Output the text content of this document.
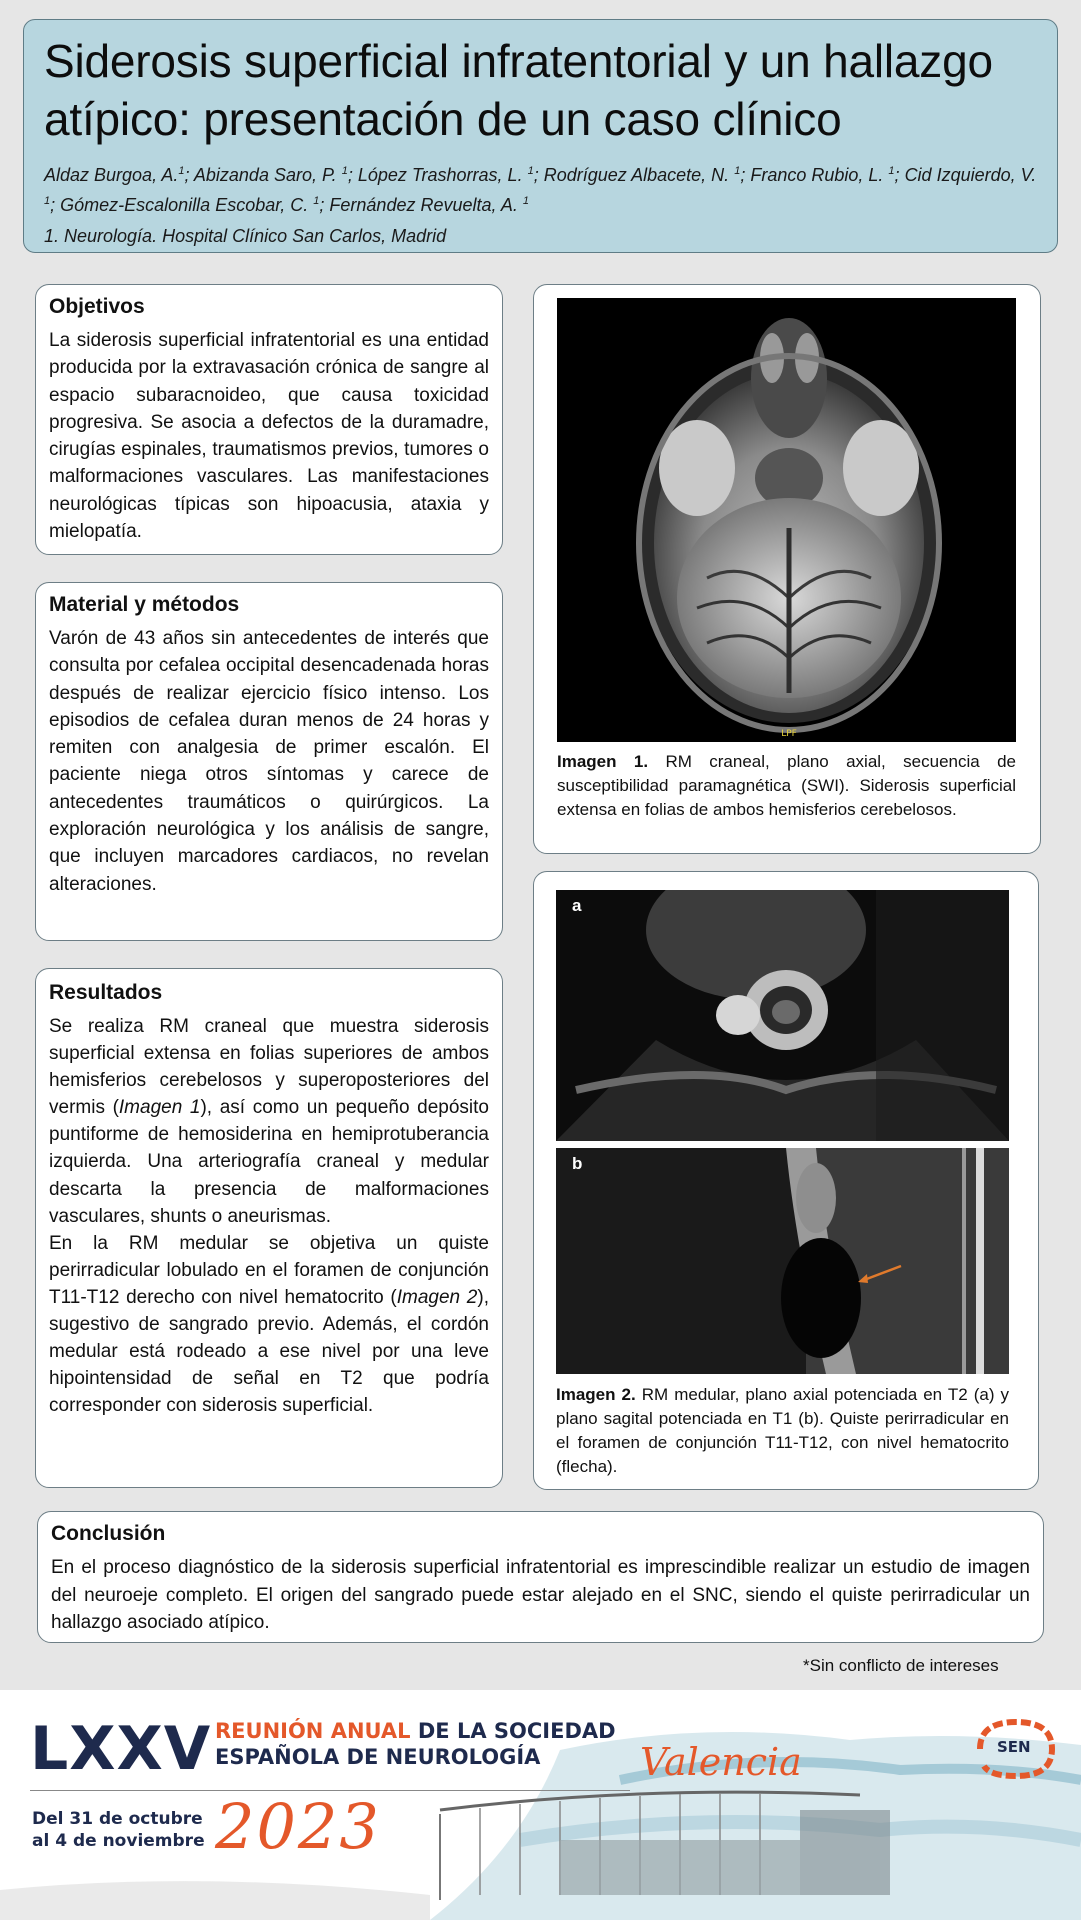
Siderosis superficial infratentorial y un hallazgo atípico: presentación de un caso clínico
Aldaz Burgoa, A.$^1$; Abizanda Saro, P. $^1$; López Trashorras, L. $^1$; Rodríguez Albacete, N. $^1$; Franco Rubio, L. $^1$; Cid Izquierdo, V. $^1$; Gómez-Escalonilla Escobar, C. $^1$; Fernández Revuelta, A. $^1$
1. Neurología. Hospital Clínico San Carlos, Madrid
Objetivos

La siderosis superficial infratentorial es una entidad producida por la extravasación crónica de sangre al espacio subaracnoideo, que causa toxicidad progresiva. Se asocia a defectos de la duramadre, cirugías espinales, traumatismos previos, tumores o malformaciones vasculares. Las manifestaciones neurológicas típicas son hipoacusia, ataxia y mielopatía.

Material y métodos

Varón de 43 años sin antecedentes de interés que consulta por cefalea occipital desencadenada horas después de realizar ejercicio físico intenso. Los episodios de cefalea duran menos de 24 horas y remiten con analgesia de primer escalón. El paciente niega otros síntomas y carece de antecedentes traumáticos o quirúrgicos. La exploración neurológica y los análisis de sangre, que incluyen marcadores cardiacos, no revelan alteraciones.

Resultados

Se realiza RM craneal que muestra siderosis superficial extensa en folias superiores de ambos hemisferios cerebelosos y superoposteriores del vermis (Imagen 1), así como un pequeño depósito puntiforme de hemosiderina en hemiprotuberancia izquierda. Una arteriografía craneal y medular descarta la presencia de malformaciones vasculares, shunts o aneurismas.

En la RM medular se objetiva un quiste perirradicular lobulado en el foramen de conjunción T11-T12 derecho con nivel hematocrito (Imagen 2), sugestivo de sangrado previo. Además, el cordón medular está rodeado a ese nivel por una leve hipointensidad de señal en T2 que podría corresponder con siderosis superficial.

LPF
Imagen 1. RM craneal, plano axial, secuencia de susceptibilidad paramagnética (SWI). Siderosis superficial extensa en folias de ambos hemisferios cerebelosos.
a
b
Imagen 2. RM medular, plano axial potenciada en T2 (a) y plano sagital potenciada en T1 (b). Quiste perirradicular en el foramen de conjunción T11-T12, con nivel hematocrito (flecha).
Conclusión

En el proceso diagnóstico de la siderosis superficial infratentorial es imprescindible realizar un estudio de imagen del neuroeje completo. El origen del sangrado puede estar alejado en el SNC, siendo el quiste perirradicular un hallazgo asociado atípico.

*Sin conflicto de intereses
LXXV REUNIÓN ANUAL DE LA SOCIEDAD
ESPAÑOLA DE NEUROLOGÍA
Del 31 de octubre
al 4 de noviembre 2023
Valencia	SEN
